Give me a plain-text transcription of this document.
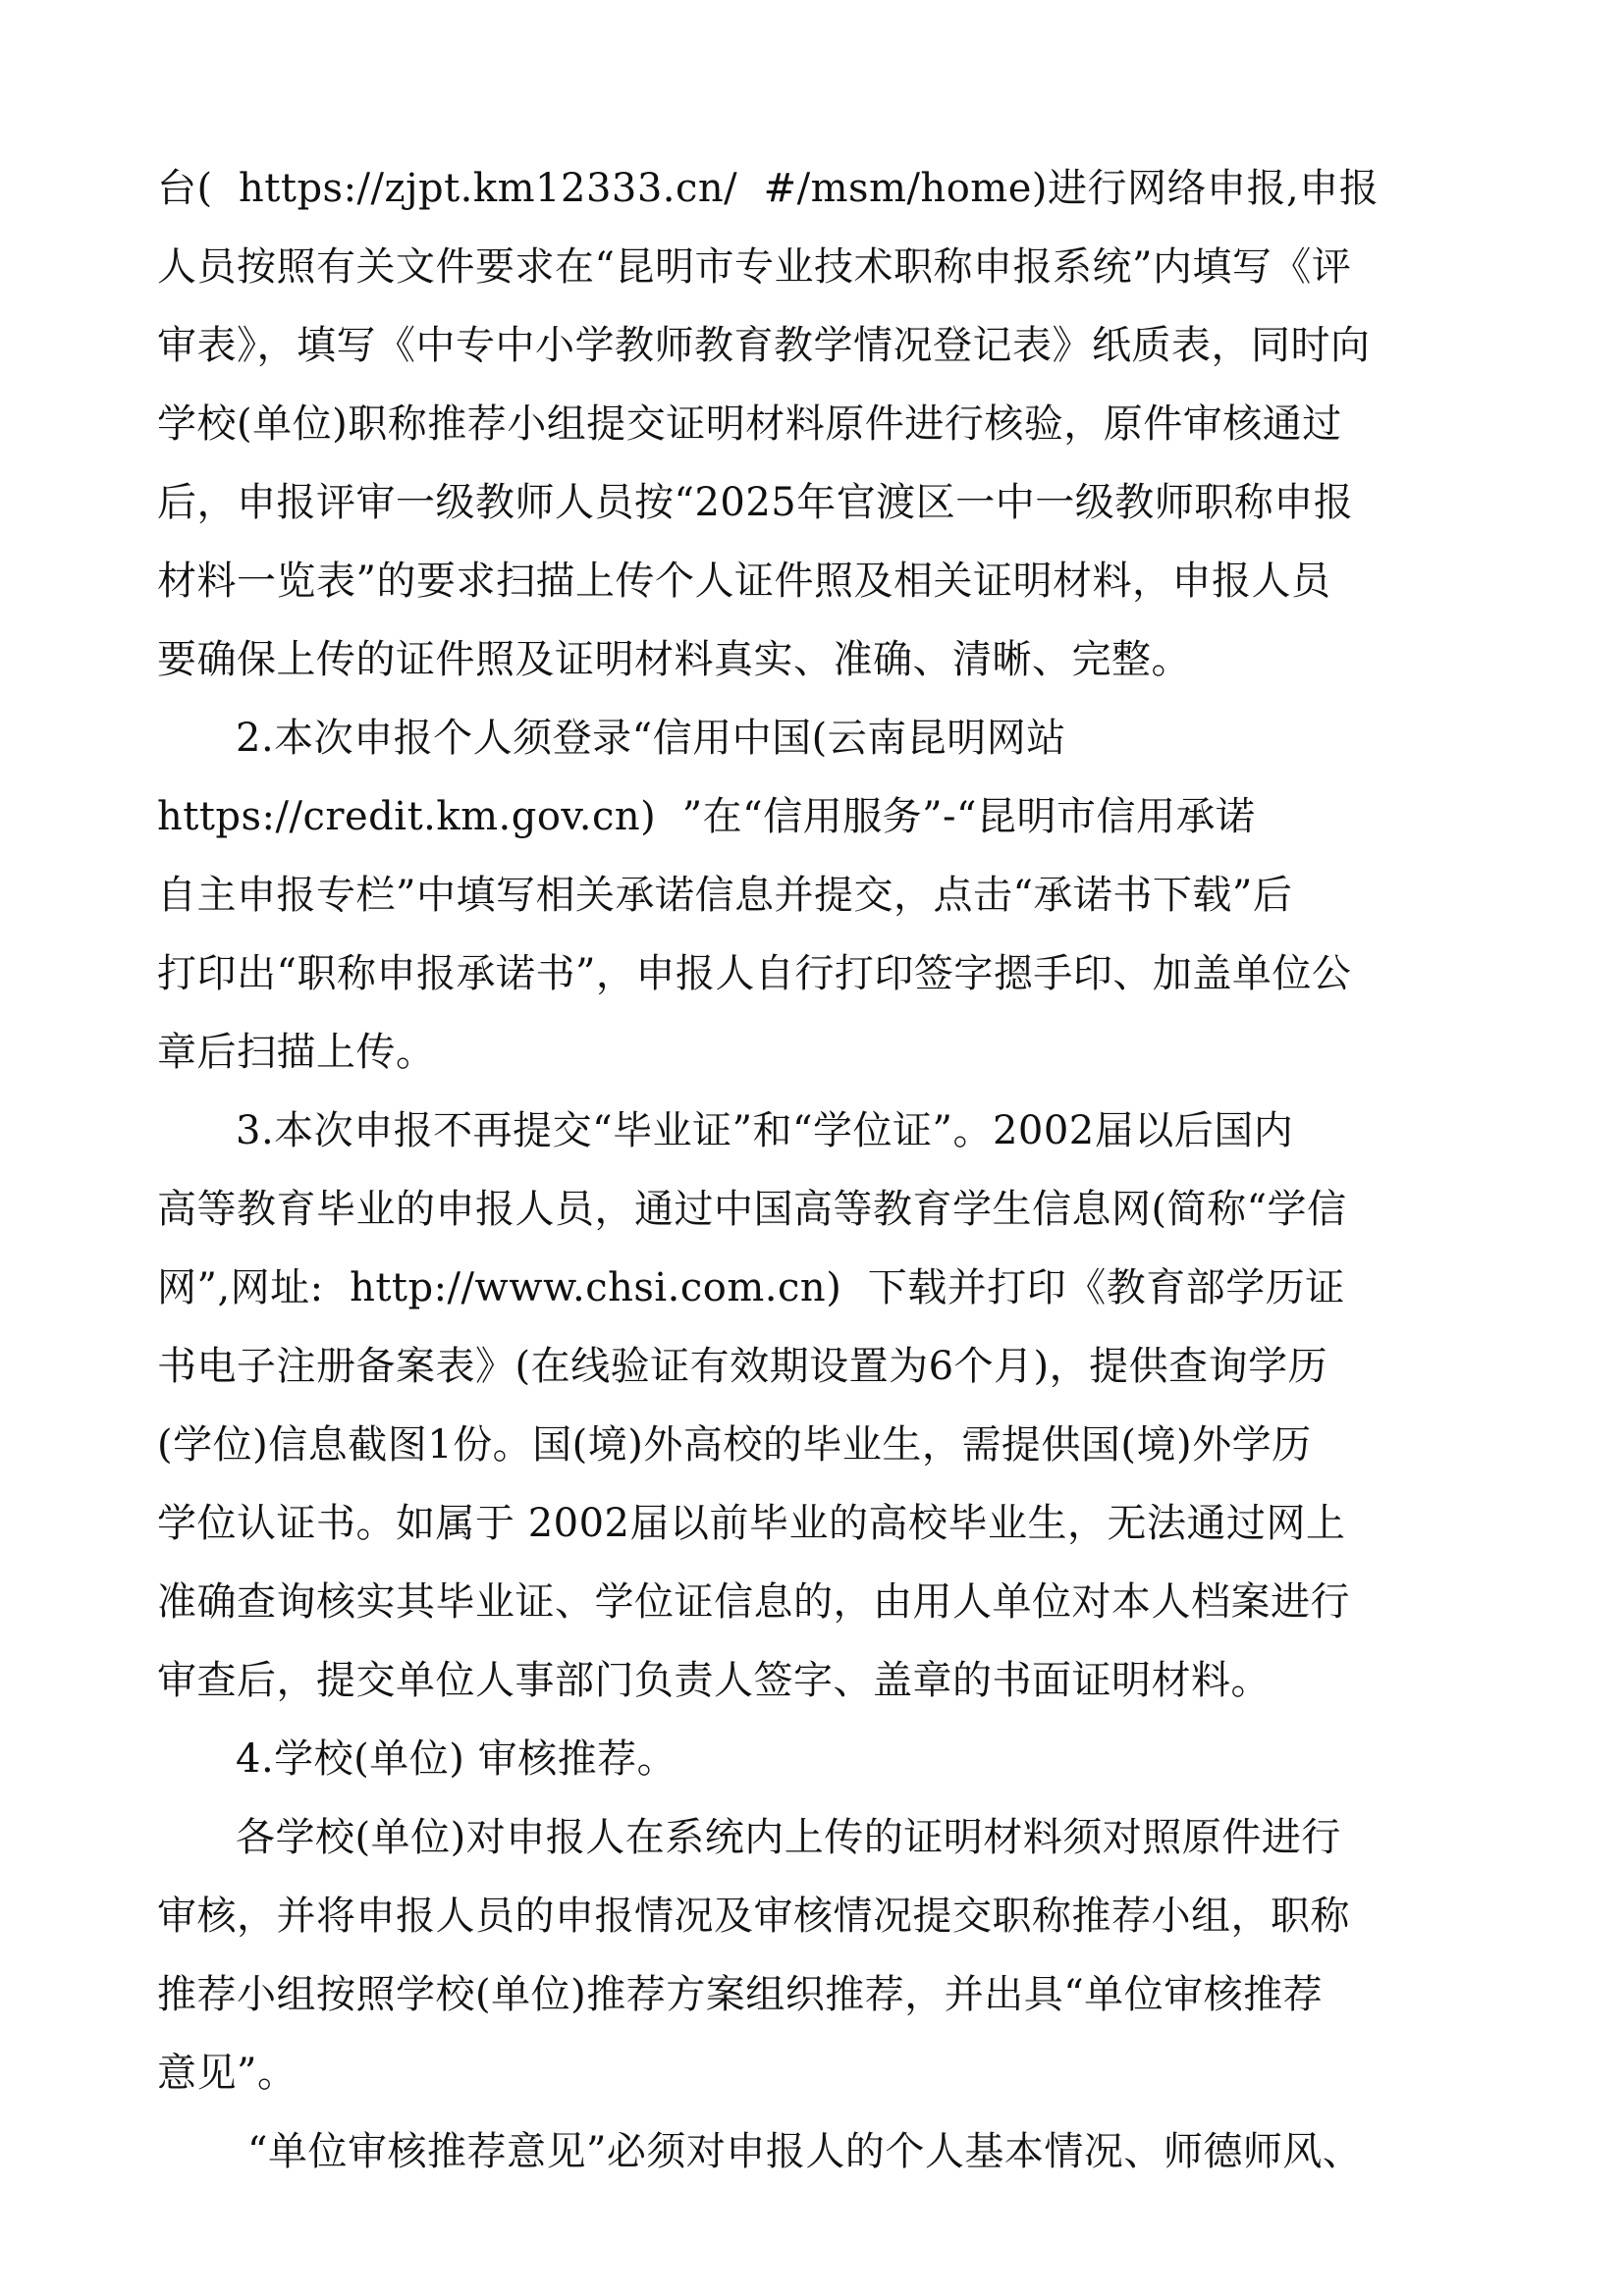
台(  https://zjpt.km12333.cn/  #/msm/home)进行网络申报,申报
人员按照有关文件要求在“昆明市专业技术职称申报系统”内填写《评
审表》，填写《中专中小学教师教育教学情况登记表》纸质表，同时向
学校(单位)职称推荐小组提交证明材料原件进行核验，原件审核通过
后，申报评审一级教师人员按“2025年官渡区一中一级教师职称申报
材料一览表”的要求扫描上传个人证件照及相关证明材料，申报人员
要确保上传的证件照及证明材料真实、准确、清晰、完整。
2.本次申报个人须登录“信用中国(云南昆明网站
https://credit.km.gov.cn)  ”在“信用服务”-“昆明市信用承诺
自主申报专栏”中填写相关承诺信息并提交，点击“承诺书下载”后
打印出“职称申报承诺书”，申报人自行打印签字摁手印、加盖单位公
章后扫描上传。
3.本次申报不再提交“毕业证”和“学位证”。2002届以后国内
高等教育毕业的申报人员，通过中国高等教育学生信息网(简称“学信
网”,网址:  http://www.chsi.com.cn)  下载并打印《教育部学历证
书电子注册备案表》(在线验证有效期设置为6个月)，提供查询学历
(学位)信息截图1份。国(境)外高校的毕业生，需提供国(境)外学历
学位认证书。如属于 2002届以前毕业的高校毕业生，无法通过网上
准确查询核实其毕业证、学位证信息的，由用人单位对本人档案进行
审查后，提交单位人事部门负责人签字、盖章的书面证明材料。
4.学校(单位) 审核推荐。
各学校(单位)对申报人在系统内上传的证明材料须对照原件进行
审核，并将申报人员的申报情况及审核情况提交职称推荐小组，职称
推荐小组按照学校(单位)推荐方案组织推荐，并出具“单位审核推荐
意见”。
“单位审核推荐意见”必须对申报人的个人基本情况、师德师风、
